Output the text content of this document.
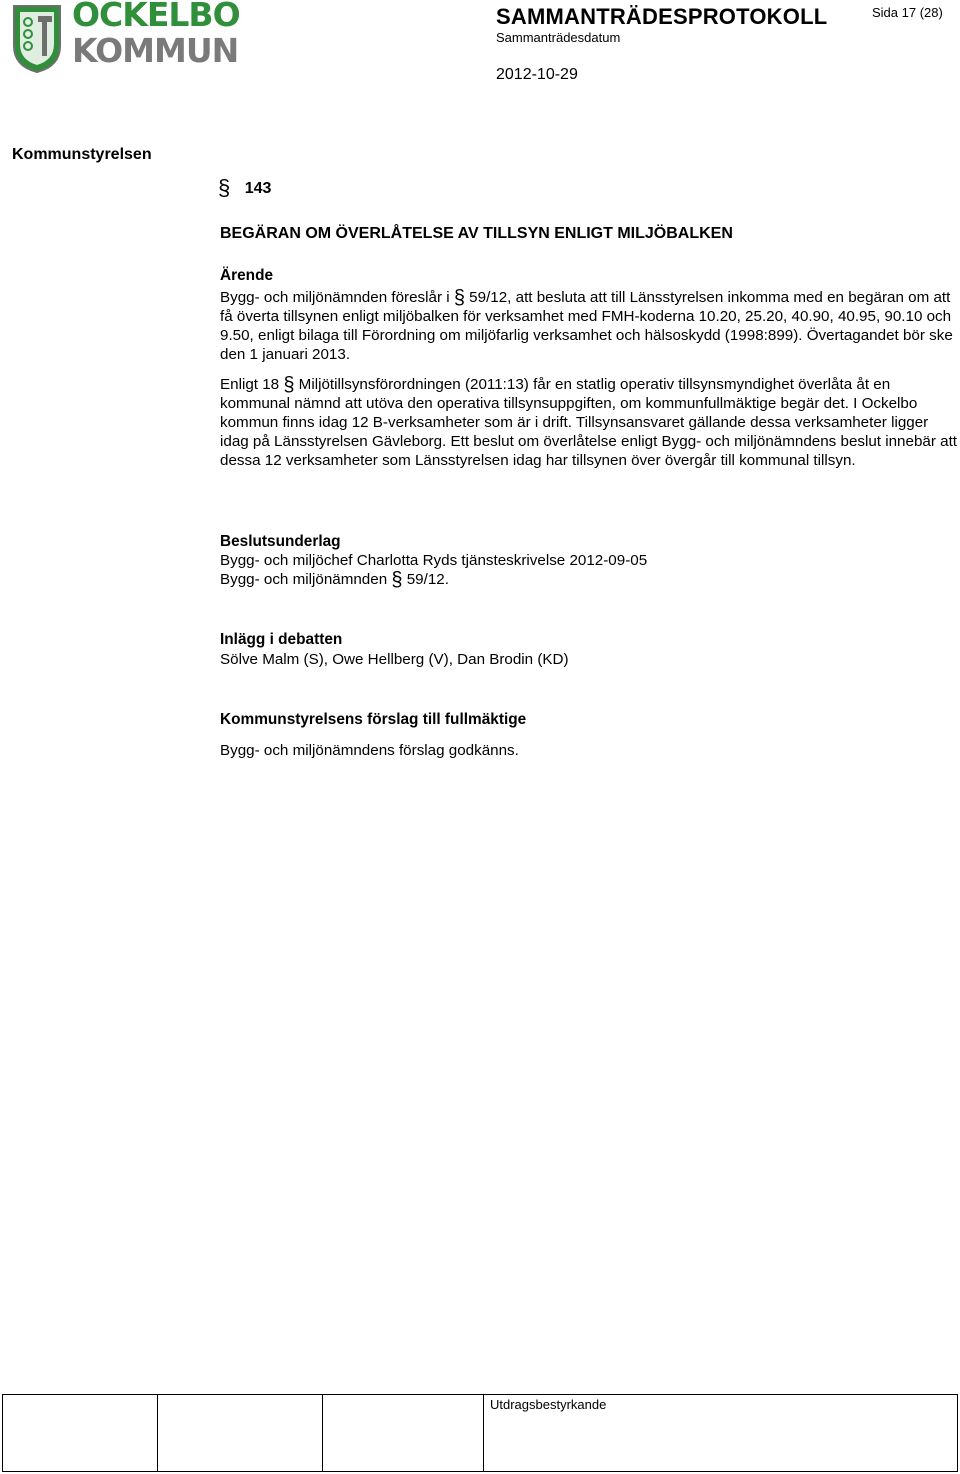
OCKELBO
KOMMUN
SAMMANTRÄDESPROTOKOLL
Sammanträdesdatum
2012-10-29
Sida 17 (28)
Kommunstyrelsen
§ 143
BEGÄRAN OM ÖVERLÅTELSE AV TILLSYN ENLIGT MILJÖBALKEN
Ärende

Bygg- och miljönämnden föreslår i § 59/12, att besluta att till Länsstyrelsen inkomma med en begäran om att få överta tillsynen enligt miljöbalken för verksamhet med FMH-koderna 10.20, 25.20, 40.90, 40.95, 90.10 och 9.50, enligt bilaga till Förordning om miljöfarlig verksamhet och hälsoskydd (1998:899). Övertagandet bör ske den 1 januari 2013.

Enligt 18 § Miljötillsynsförordningen (2011:13) får en statlig operativ tillsynsmyndighet överlåta åt en kommunal nämnd att utöva den operativa tillsynsuppgiften, om kommunfullmäktige begär det. I Ockelbo kommun finns idag 12 B-verksamheter som är i drift. Tillsynsansvaret gällande dessa verksamheter ligger idag på Länsstyrelsen Gävleborg. Ett beslut om överlåtelse enligt Bygg- och miljönämndens beslut innebär att dessa 12 verksamheter som Länsstyrelsen idag har tillsynen över övergår till kommunal tillsyn.

Beslutsunderlag
Bygg- och miljöchef Charlotta Ryds tjänsteskrivelse 2012-09-05
Bygg- och miljönämnden § 59/12.
Inlägg i debatten
Sölve Malm (S), Owe Hellberg (V), Dan Brodin (KD)
Kommunstyrelsens förslag till fullmäktige
Bygg- och miljönämndens förslag godkänns.
Utdragsbestyrkande
